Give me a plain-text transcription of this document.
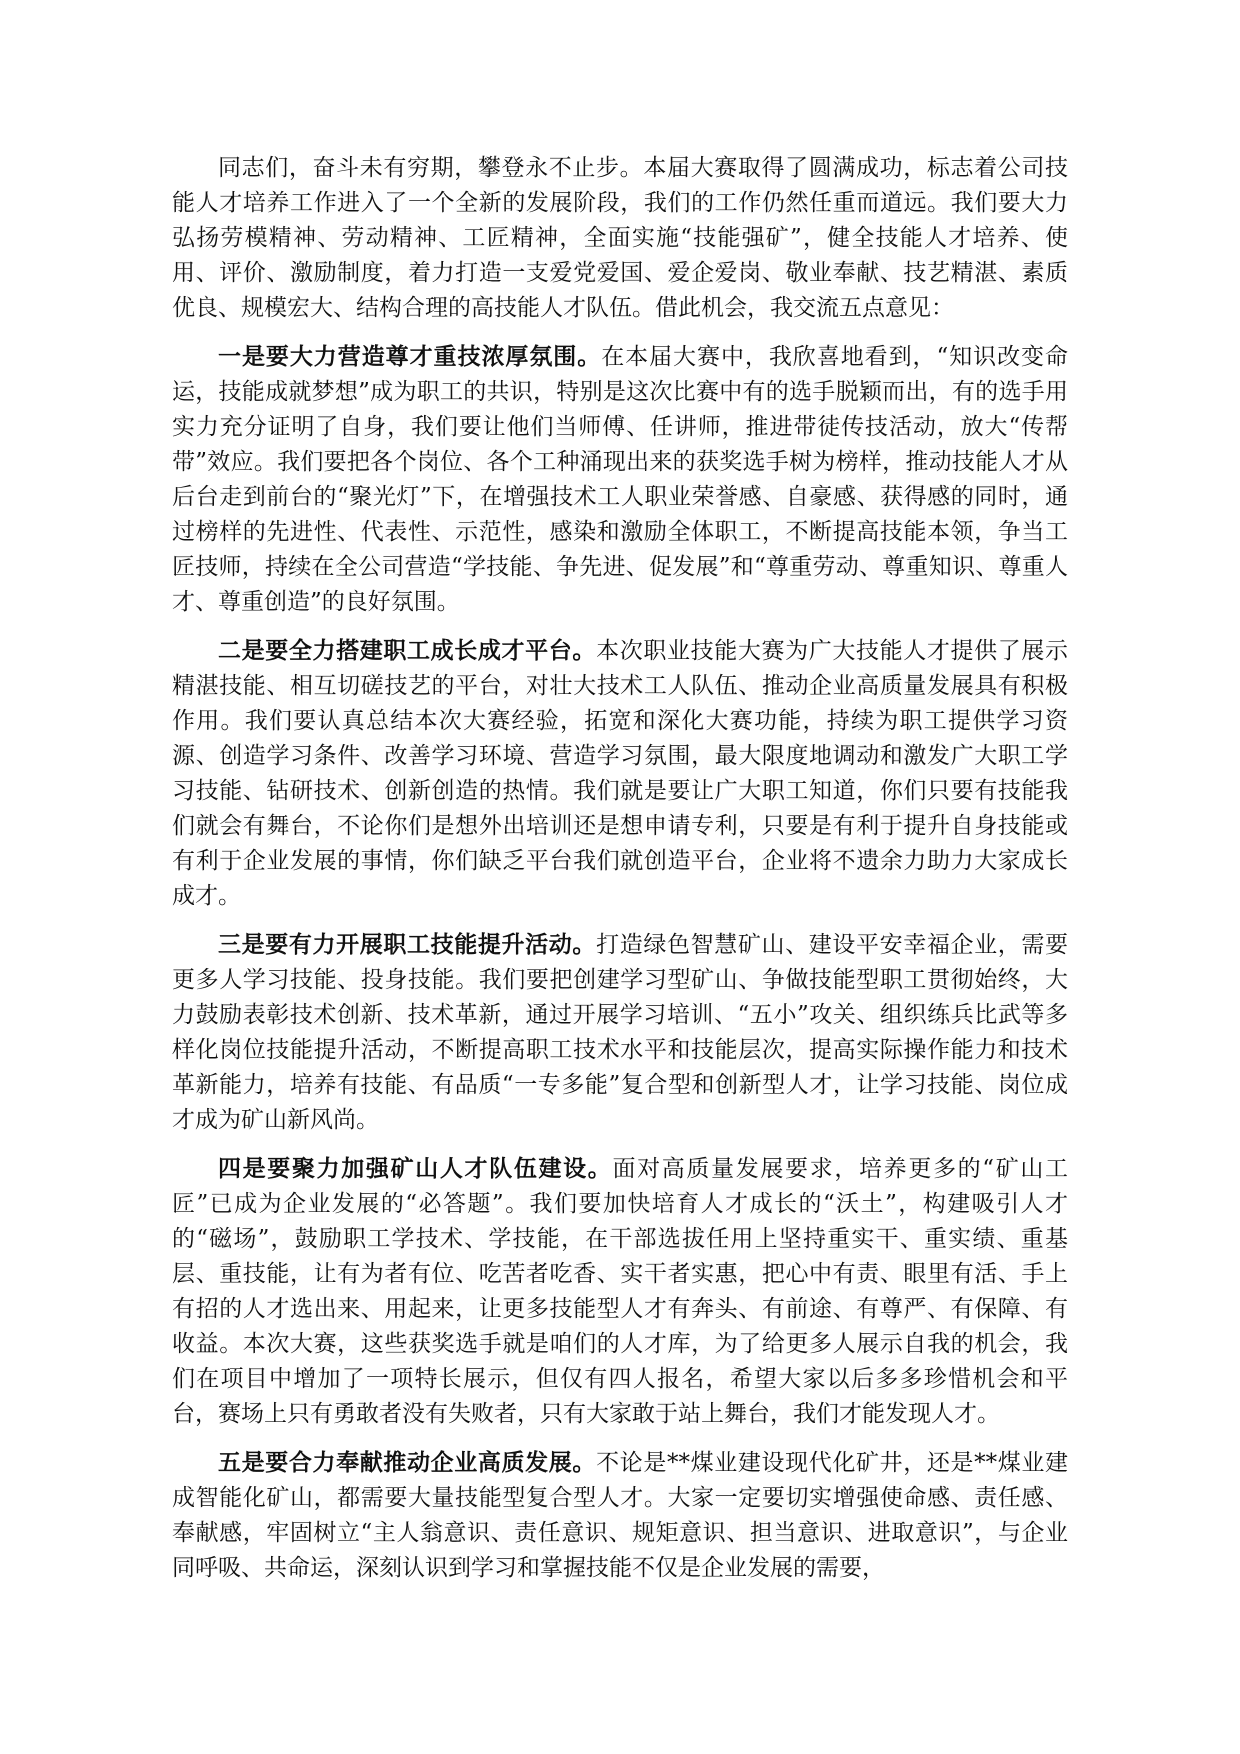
同志们，奋斗未有穷期，攀登永不止步。本届大赛取得了圆满成功，标志着公司技能人才培养工作进入了一个全新的发展阶段，我们的工作仍然任重而道远。我们要大力弘扬劳模精神、劳动精神、工匠精神，全面实施“技能强矿”，健全技能人才培养、使用、评价、激励制度，着力打造一支爱党爱国、爱企爱岗、敬业奉献、技艺精湛、素质优良、规模宏大、结构合理的高技能人才队伍。借此机会，我交流五点意见：

一是要大力营造尊才重技浓厚氛围。在本届大赛中，我欣喜地看到，“知识改变命运，技能成就梦想”成为职工的共识，特别是这次比赛中有的选手脱颖而出，有的选手用实力充分证明了自身，我们要让他们当师傅、任讲师，推进带徒传技活动，放大“传帮带”效应。我们要把各个岗位、各个工种涌现出来的获奖选手树为榜样，推动技能人才从后台走到前台的“聚光灯”下，在增强技术工人职业荣誉感、自豪感、获得感的同时，通过榜样的先进性、代表性、示范性，感染和激励全体职工，不断提高技能本领，争当工匠技师，持续在全公司营造“学技能、争先进、促发展”和“尊重劳动、尊重知识、尊重人才、尊重创造”的良好氛围。

二是要全力搭建职工成长成才平台。本次职业技能大赛为广大技能人才提供了展示精湛技能、相互切磋技艺的平台，对壮大技术工人队伍、推动企业高质量发展具有积极作用。我们要认真总结本次大赛经验，拓宽和深化大赛功能，持续为职工提供学习资源、创造学习条件、改善学习环境、营造学习氛围，最大限度地调动和激发广大职工学习技能、钻研技术、创新创造的热情。我们就是要让广大职工知道，你们只要有技能我们就会有舞台，不论你们是想外出培训还是想申请专利，只要是有利于提升自身技能或有利于企业发展的事情，你们缺乏平台我们就创造平台，企业将不遗余力助力大家成长成才。

三是要有力开展职工技能提升活动。打造绿色智慧矿山、建设平安幸福企业，需要更多人学习技能、投身技能。我们要把创建学习型矿山、争做技能型职工贯彻始终，大力鼓励表彰技术创新、技术革新，通过开展学习培训、“五小”攻关、组织练兵比武等多样化岗位技能提升活动，不断提高职工技术水平和技能层次，提高实际操作能力和技术革新能力，培养有技能、有品质“一专多能”复合型和创新型人才，让学习技能、岗位成才成为矿山新风尚。

四是要聚力加强矿山人才队伍建设。面对高质量发展要求，培养更多的“矿山工匠”已成为企业发展的“必答题”。我们要加快培育人才成长的“沃土”，构建吸引人才的“磁场”，鼓励职工学技术、学技能，在干部选拔任用上坚持重实干、重实绩、重基层、重技能，让有为者有位、吃苦者吃香、实干者实惠，把心中有责、眼里有活、手上有招的人才选出来、用起来，让更多技能型人才有奔头、有前途、有尊严、有保障、有收益。本次大赛，这些获奖选手就是咱们的人才库，为了给更多人展示自我的机会，我们在项目中增加了一项特长展示，但仅有四人报名，希望大家以后多多珍惜机会和平台，赛场上只有勇敢者没有失败者，只有大家敢于站上舞台，我们才能发现人才。

五是要合力奉献推动企业高质发展。不论是**煤业建设现代化矿井，还是**煤业建成智能化矿山，都需要大量技能型复合型人才。大家一定要切实增强使命感、责任感、奉献感，牢固树立“主人翁意识、责任意识、规矩意识、担当意识、进取意识”，与企业同呼吸、共命运，深刻认识到学习和掌握技能不仅是企业发展的需要，
